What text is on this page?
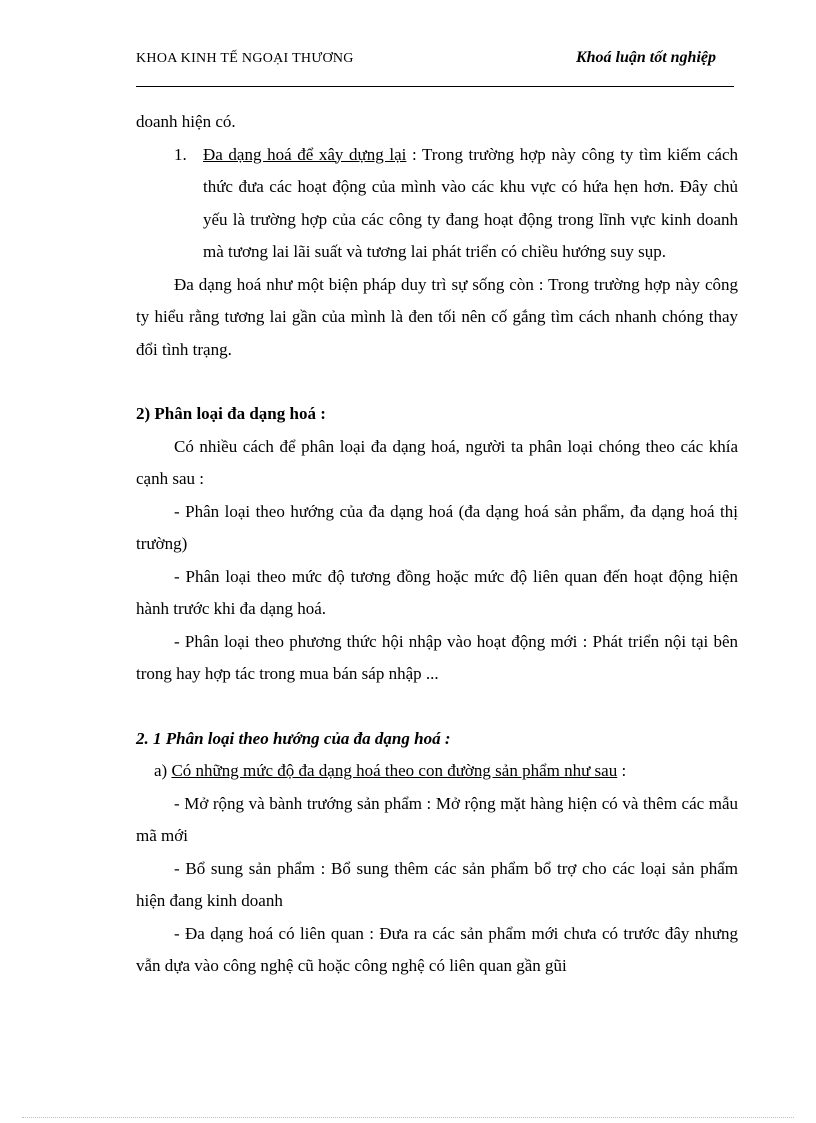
KHOA KINH TẾ NGOẠI THƯƠNG	Khoá luận tốt nghiệp

doanh hiện có.

1. Đa dạng hoá để xây dựng lại : Trong trường hợp này công ty tìm kiếm cách thức đưa các hoạt động của mình vào các khu vực có hứa hẹn hơn. Đây chủ yếu là trường hợp của các công ty đang hoạt động trong lĩnh vực kinh doanh mà tương lai lãi suất và tương lai phát triển có chiều hướng suy sụp.

Đa dạng hoá như một biện pháp duy trì sự sống còn : Trong trường hợp này công ty hiểu rằng tương lai gần của mình là đen tối nên cố gắng tìm cách nhanh chóng thay đổi tình trạng.

2) Phân loại đa dạng hoá :

Có nhiều cách để phân loại đa dạng hoá, người ta phân loại chóng theo các khía cạnh sau :

- Phân loại theo hướng của đa dạng hoá (đa dạng hoá sản phẩm, đa dạng hoá thị trường)

- Phân loại theo mức độ tương đồng hoặc mức độ liên quan đến hoạt động hiện hành trước khi đa dạng hoá.

- Phân loại theo phương thức hội nhập vào hoạt động mới : Phát triển nội tại bên trong hay hợp tác trong mua bán sáp nhập ...

2. 1 Phân loại theo hướng của đa dạng hoá :

a) Có những mức độ đa dạng hoá theo con đường sản phẩm như sau :

- Mở rộng và bành trướng sản phẩm : Mở rộng mặt hàng hiện có và thêm các mẫu mã mới

- Bổ sung sản phẩm : Bổ sung thêm các sản phẩm bổ trợ cho các loại sản phẩm hiện đang kinh doanh

- Đa dạng hoá có liên quan : Đưa ra các sản phẩm mới chưa có trước đây nhưng vẫn dựa vào công nghệ cũ hoặc công nghệ có liên quan gần gũi
